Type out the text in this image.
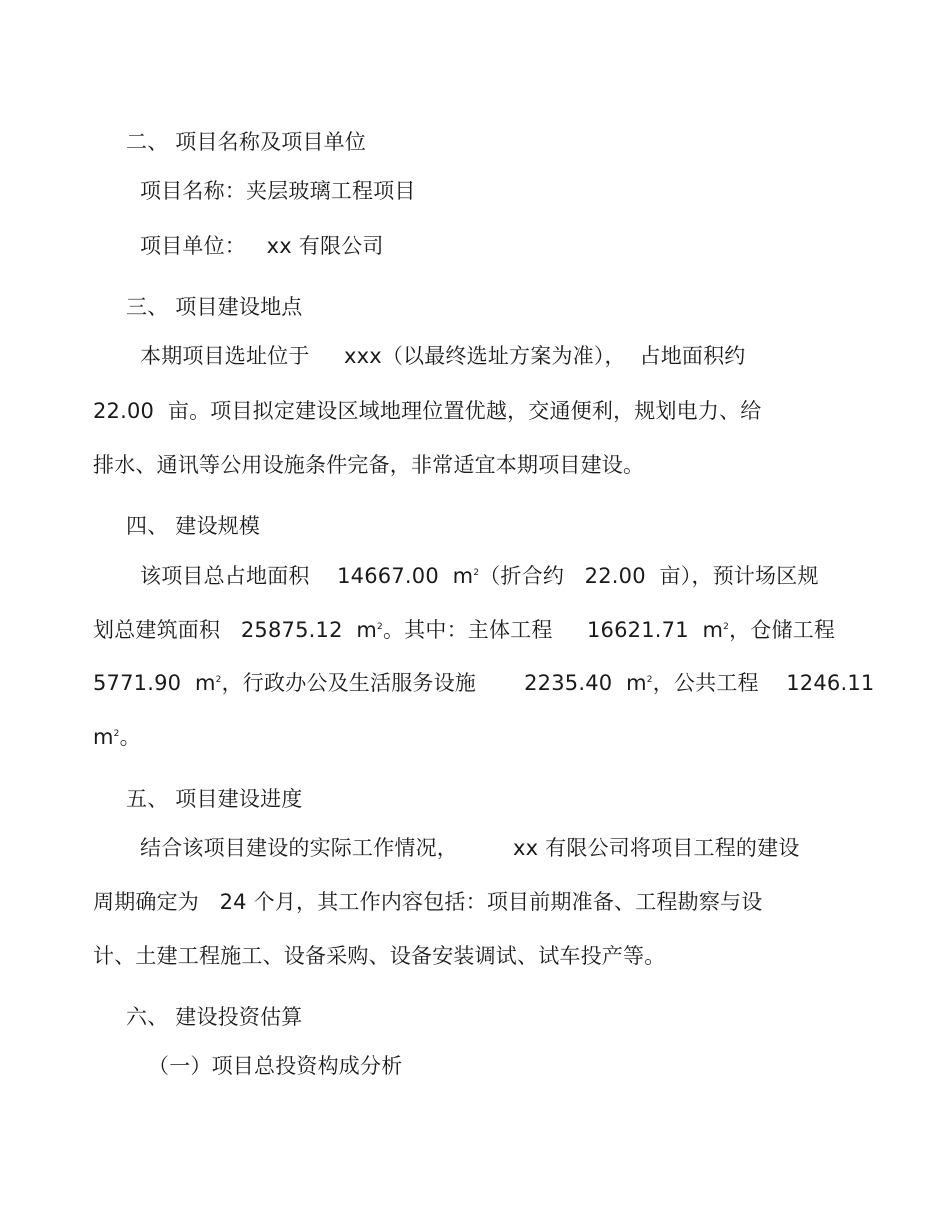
二、 项目名称及项目单位
项目名称：夹层玻璃工程项目
项目单位：   xx 有限公司
三、 项目建设地点
本期项目选址位于     xxx（以最终选址方案为准），  占地面积约
22.00  亩。项目拟定建设区域地理位置优越，交通便利，规划电力、给
排水、通讯等公用设施条件完备，非常适宜本期项目建设。
四、 建设规模
该项目总占地面积    14667.00  $m^2$（折合约   22.00  亩），预计场区规
划总建筑面积   25875.12  $m^2$。其中：主体工程     16621.71  $m^2$，仓储工程
5771.90  $m^2$，行政办公及生活服务设施       2235.40  $m^2$，公共工程    1246.11
$m^2$。
五、 项目建设进度
结合该项目建设的实际工作情况，        xx 有限公司将项目工程的建设
周期确定为   24 个月，其工作内容包括：项目前期准备、工程勘察与设
计、土建工程施工、设备采购、设备安装调试、试车投产等。
六、 建设投资估算
（一）项目总投资构成分析
